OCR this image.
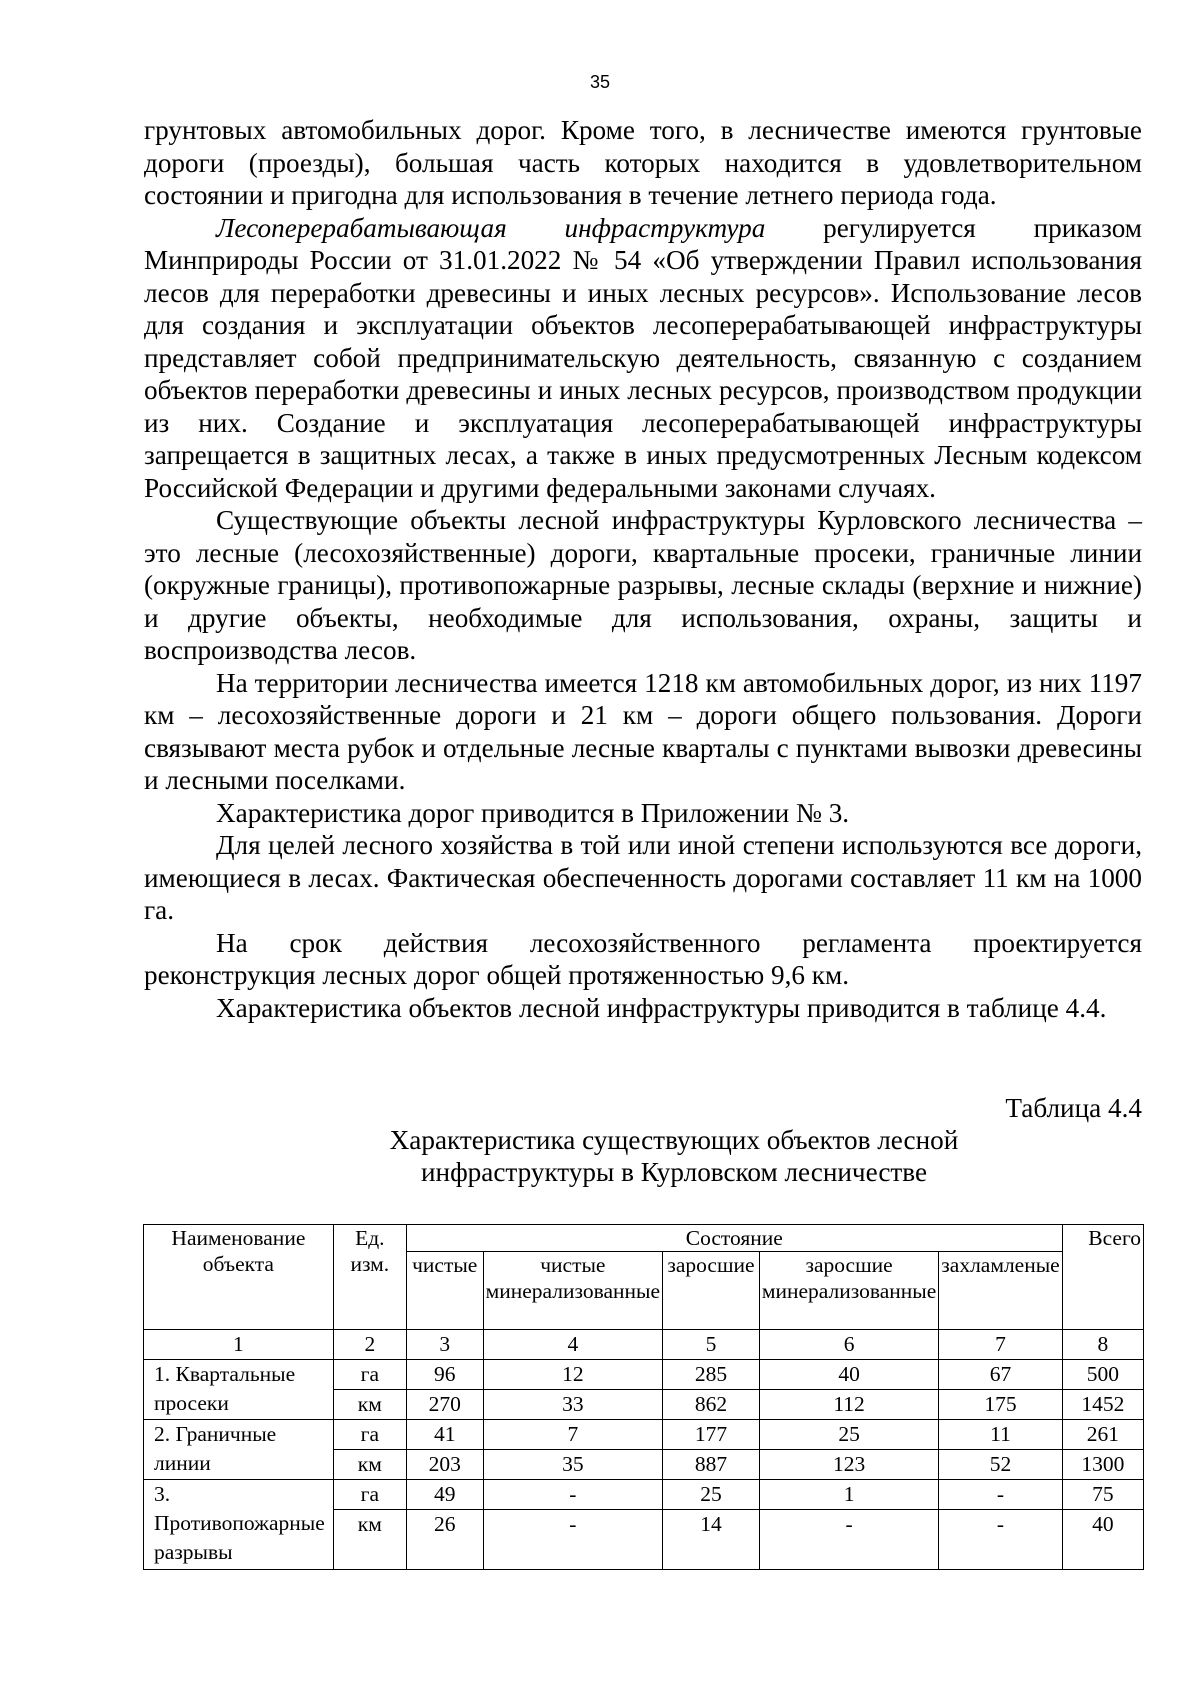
35

грунтовых автомобильных дорог. Кроме того, в лесничестве имеются грунтовые дороги (проезды), большая часть которых находится в удовлетворительном состоянии и пригодна для использования в течение летнего периода года.

Лесоперерабатывающая инфраструктура регулируется приказом Минприроды России от 31.01.2022 № 54 «Об утверждении Правил использования лесов для переработки древесины и иных лесных ресурсов». Использование лесов для создания и эксплуатации объектов лесоперерабатывающей инфраструктуры представляет собой предпринимательскую деятельность, связанную с созданием объектов переработки древесины и иных лесных ресурсов, производством продукции из них. Создание и эксплуатация лесоперерабатывающей инфраструктуры запрещается в защитных лесах, а также в иных предусмотренных Лесным кодексом Российской Федерации и другими федеральными законами случаях.

Существующие объекты лесной инфраструктуры Курловского лесничества – это лесные (лесохозяйственные) дороги, квартальные просеки, граничные линии (окружные границы), противопожарные разрывы, лесные склады (верхние и нижние) и другие объекты, необходимые для использования, охраны, защиты и воспроизводства лесов.

На территории лесничества имеется 1218 км автомобильных дорог, из них 1197 км – лесохозяйственные дороги и 21 км – дороги общего пользования. Дороги связывают места рубок и отдельные лесные кварталы с пунктами вывозки древесины и лесными поселками.

Характеристика дорог приводится в Приложении № 3.

Для целей лесного хозяйства в той или иной степени используются все дороги, имеющиеся в лесах. Фактическая обеспеченность дорогами составляет 11 км на 1000 га.

На срок действия лесохозяйственного регламента проектируется реконструкция лесных дорог общей протяженностью 9,6 км.

Характеристика объектов лесной инфраструктуры приводится в таблице 4.4.

Таблица 4.4
Характеристика существующих объектов лесной инфраструктуры в Курловском лесничестве
Наименование объекта	Ед. изм.	Состояние					Всего
		чистые	чистые минерализованные	заросшие	заросшие минерализованные	захламленые	
1	2	3	4	5	6	7	8
1. Квартальные просеки	га	96	12	285	40	67	500
	км	270	33	862	112	175	1452
2. Граничные линии	га	41	7	177	25	11	261
	км	203	35	887	123	52	1300
3. Противопожарные разрывы	га	49	-	25	1	-	75
	км	26	-	14	-	-	40
